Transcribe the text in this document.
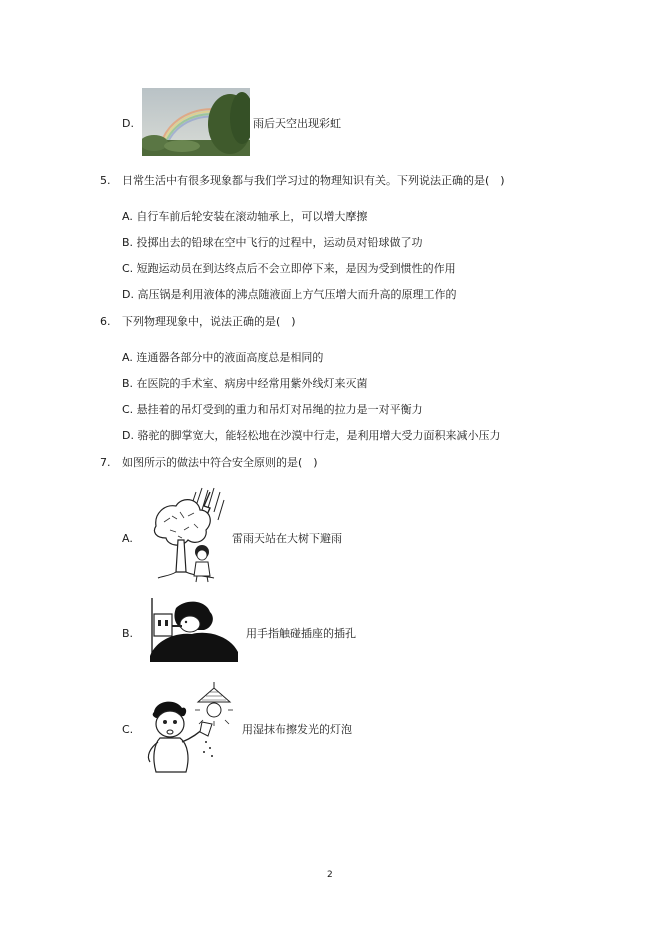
D.	雨后天空出现彩虹
5. 日常生活中有很多现象都与我们学习过的物理知识有关。下列说法正确的是(　)
A. 自行车前后轮安装在滚动轴承上，可以增大摩擦
B. 投掷出去的铅球在空中飞行的过程中，运动员对铅球做了功
C. 短跑运动员在到达终点后不会立即停下来，是因为受到惯性的作用
D. 高压锅是利用液体的沸点随液面上方气压增大而升高的原理工作的
6. 下列物理现象中，说法正确的是(　)
A. 连通器各部分中的液面高度总是相同的
B. 在医院的手术室、病房中经常用紫外线灯来灭菌
C. 悬挂着的吊灯受到的重力和吊灯对吊绳的拉力是一对平衡力
D. 骆驼的脚掌宽大，能轻松地在沙漠中行走，是利用增大受力面积来减小压力
7. 如图所示的做法中符合安全原则的是(　)
A.	雷雨天站在大树下避雨
B.	用手指触碰插座的插孔
C.	用湿抹布擦发光的灯泡
2
